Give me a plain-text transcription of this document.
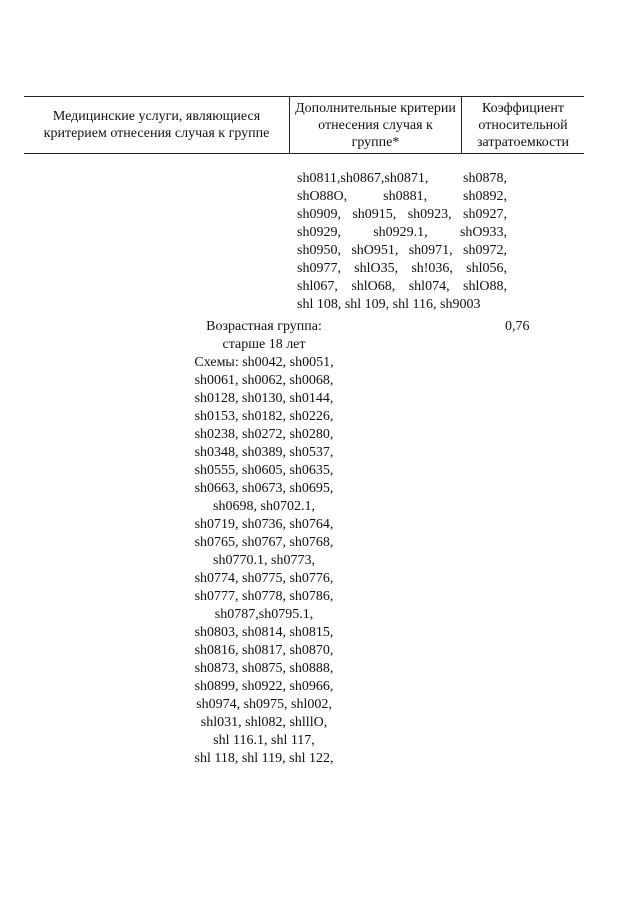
Медицинские услуги, являющиеся критерием отнесения случая к группе
Дополнительные критерии отнесения случая к группе*
Коэффициент относительной затратоемкости
sh0811,sh0867,sh0871, sh0878,
shO88O,	sh0881,	sh0892,
sh0909, sh0915, sh0923, sh0927,
sh0929, sh0929.1, shO933,
sh0950, shO951, sh0971, sh0972,
sh0977, shlO35, sh!036, shl056,
shl067, shlO68, shl074, shlO88,
shl 108, shl 109, shl 116, sh9003
Возрастная группа:
старше 18 лет
Схемы: sh0042, sh0051,
sh0061, sh0062, sh0068,
sh0128, sh0130, sh0144,
sh0153, sh0182, sh0226,
sh0238, sh0272, sh0280,
sh0348, sh0389, sh0537,
sh0555, sh0605, sh0635,
sh0663, sh0673, sh0695,
sh0698, sh0702.1,
sh0719, sh0736, sh0764,
sh0765, sh0767, sh0768,
sh0770.1, sh0773,
sh0774, sh0775, sh0776,
sh0777, sh0778, sh0786,
sh0787,sh0795.1,
sh0803, sh0814, sh0815,
sh0816, sh0817, sh0870,
sh0873, sh0875, sh0888,
sh0899, sh0922, sh0966,
sh0974, sh0975, shl002,
shl031, shl082, shlllO,
shl 116.1, shl 117,
shl 118, shl 119, shl 122,
0,76
